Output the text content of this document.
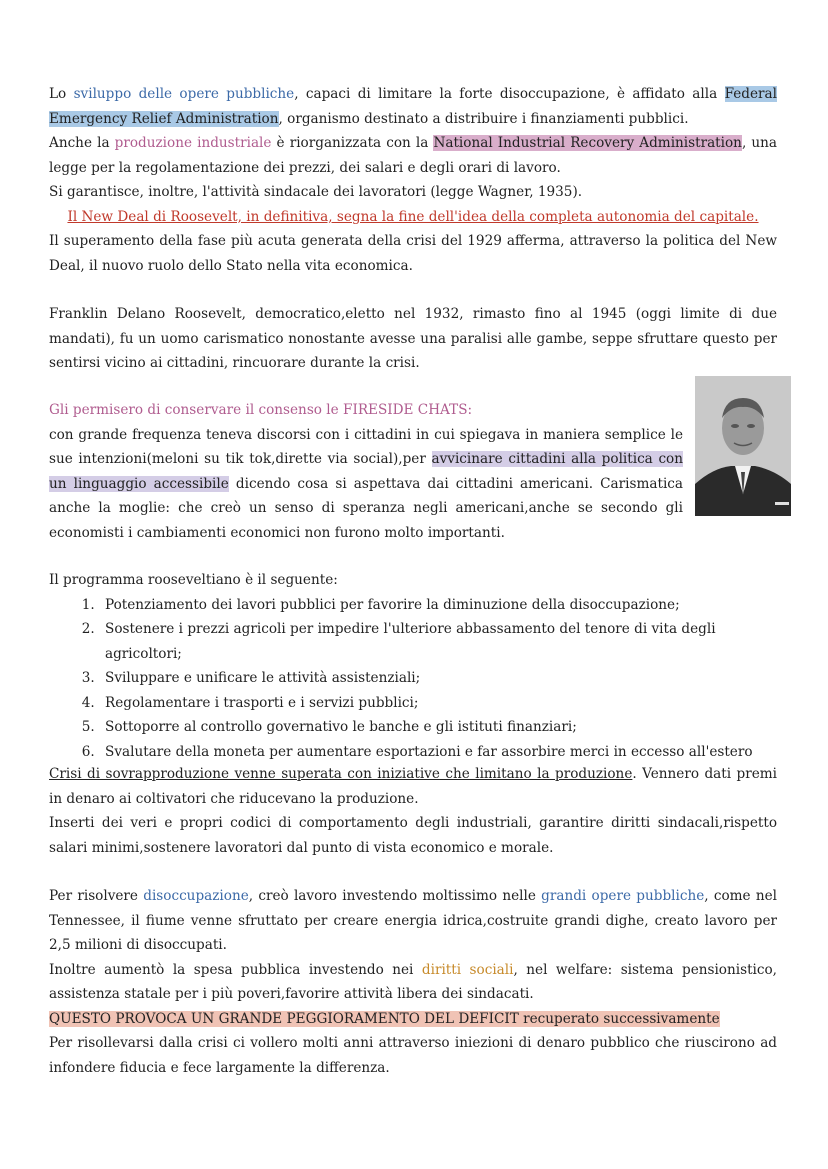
Lo sviluppo delle opere pubbliche, capaci di limitare la forte disoccupazione, è affidato alla Federal Emergency Relief Administration, organismo destinato a distribuire i finanziamenti pubblici.

Anche la produzione industriale è riorganizzata con la National Industrial Recovery Administration, una legge per la regolamentazione dei prezzi, dei salari e degli orari di lavoro.

Si garantisce, inoltre, l'attività sindacale dei lavoratori (legge Wagner, 1935).

Il New Deal di Roosevelt, in definitiva, segna la fine dell'idea della completa autonomia del capitale.

Il superamento della fase più acuta generata della crisi del 1929 afferma, attraverso la politica del New Deal, il nuovo ruolo dello Stato nella vita economica.

Franklin Delano Roosevelt, democratico,eletto nel 1932, rimasto fino al 1945 (oggi limite di due mandati), fu un uomo carismatico nonostante avesse una paralisi alle gambe, seppe sfruttare questo per sentirsi vicino ai cittadini, rincuorare durante la crisi.

Gli permisero di conservare il consenso le FIRESIDE CHATS:

con grande frequenza teneva discorsi con i cittadini in cui spiegava in maniera semplice le sue intenzioni(meloni su tik tok,dirette via social),per avvicinare cittadini alla politica con un linguaggio accessibile dicendo cosa si aspettava dai cittadini americani. Carismatica anche la moglie: che creò un senso di speranza negli americani,anche se secondo gli economisti i cambiamenti economici non furono molto importanti.

Il programma rooseveltiano è il seguente:

1. Potenziamento dei lavori pubblici per favorire la diminuzione della disoccupazione;
2. Sostenere i prezzi agricoli per impedire l'ulteriore abbassamento del tenore di vita degli agricoltori;
3. Sviluppare e unificare le attività assistenziali;
4. Regolamentare i trasporti e i servizi pubblici;
5. Sottoporre al controllo governativo le banche e gli istituti finanziari;
6. Svalutare della moneta per aumentare esportazioni e far assorbire merci in eccesso all'estero

Crisi di sovrapproduzione venne superata con iniziative che limitano la produzione. Vennero dati premi in denaro ai coltivatori che riducevano la produzione.

Inserti dei veri e propri codici di comportamento degli industriali, garantire diritti sindacali,rispetto salari minimi,sostenere lavoratori dal punto di vista economico e morale.

Per risolvere disoccupazione, creò lavoro investendo moltissimo nelle grandi opere pubbliche, come nel Tennessee, il fiume venne sfruttato per creare energia idrica,costruite grandi dighe, creato lavoro per 2,5 milioni di disoccupati.

Inoltre aumentò la spesa pubblica investendo nei diritti sociali, nel welfare: sistema pensionistico, assistenza statale per i più poveri,favorire attività libera dei sindacati.

QUESTO PROVOCA UN GRANDE PEGGIORAMENTO DEL DEFICIT recuperato successivamente

Per risollevarsi dalla crisi ci vollero molti anni attraverso iniezioni di denaro pubblico che riuscirono ad infondere fiducia e fece largamente la differenza.
